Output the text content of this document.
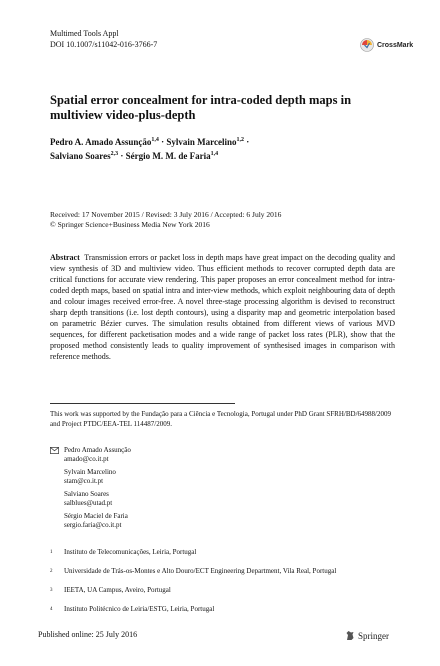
Multimed Tools Appl
DOI 10.1007/s11042-016-3766-7	CrossMark
Spatial error concealment for intra-coded depth maps in multiview video-plus-depth
Pedro A. Amado Assunção$^{1,4}$ · Sylvain Marcelino$^{1,2}$ ·
Salviano Soares$^{2,3}$ · Sérgio M. M. de Faria$^{1,4}$
Received: 17 November 2015 / Revised: 3 July 2016 / Accepted: 6 July 2016
© Springer Science+Business Media New York 2016
Abstract Transmission errors or packet loss in depth maps have great impact on the decoding quality and view synthesis of 3D and multiview video. Thus efficient methods to recover corrupted depth data are critical functions for accurate view rendering. This paper proposes an error concealment method for intra-coded depth maps, based on spatial intra and inter-view methods, which exploit neighbouring data of depth and colour images received error-free. A novel three-stage processing algorithm is devised to reconstruct sharp depth transitions (i.e. lost depth contours), using a disparity map and geometric interpolation based on parametric Bézier curves. The simulation results obtained from different views of various MVD sequences, for different packetisation modes and a wide range of packet loss rates (PLR), show that the proposed method consistently leads to quality improvement of synthesised images in comparison with reference methods.
This work was supported by the Fundação para a Ciência e Tecnologia, Portugal under PhD Grant SFRH/BD/64988/2009 and Project PTDC/EEA-TEL 114487/2009.
Pedro Amado Assunção
amado@co.it.pt
Sylvain Marcelino
stam@co.it.pt
Salviano Soares
salblues@utad.pt
Sérgio Maciel de Faria
sergio.faria@co.it.pt
1	Instituto de Telecomunicações, Leiria, Portugal
2	Universidade de Trás-os-Montes e Alto Douro/ECT Engineering Department, Vila Real, Portugal
3	IEETA, UA Campus, Aveiro, Portugal
4	Instituto Politécnico de Leiria/ESTG, Leiria, Portugal
Published online: 25 July 2016	Springer
